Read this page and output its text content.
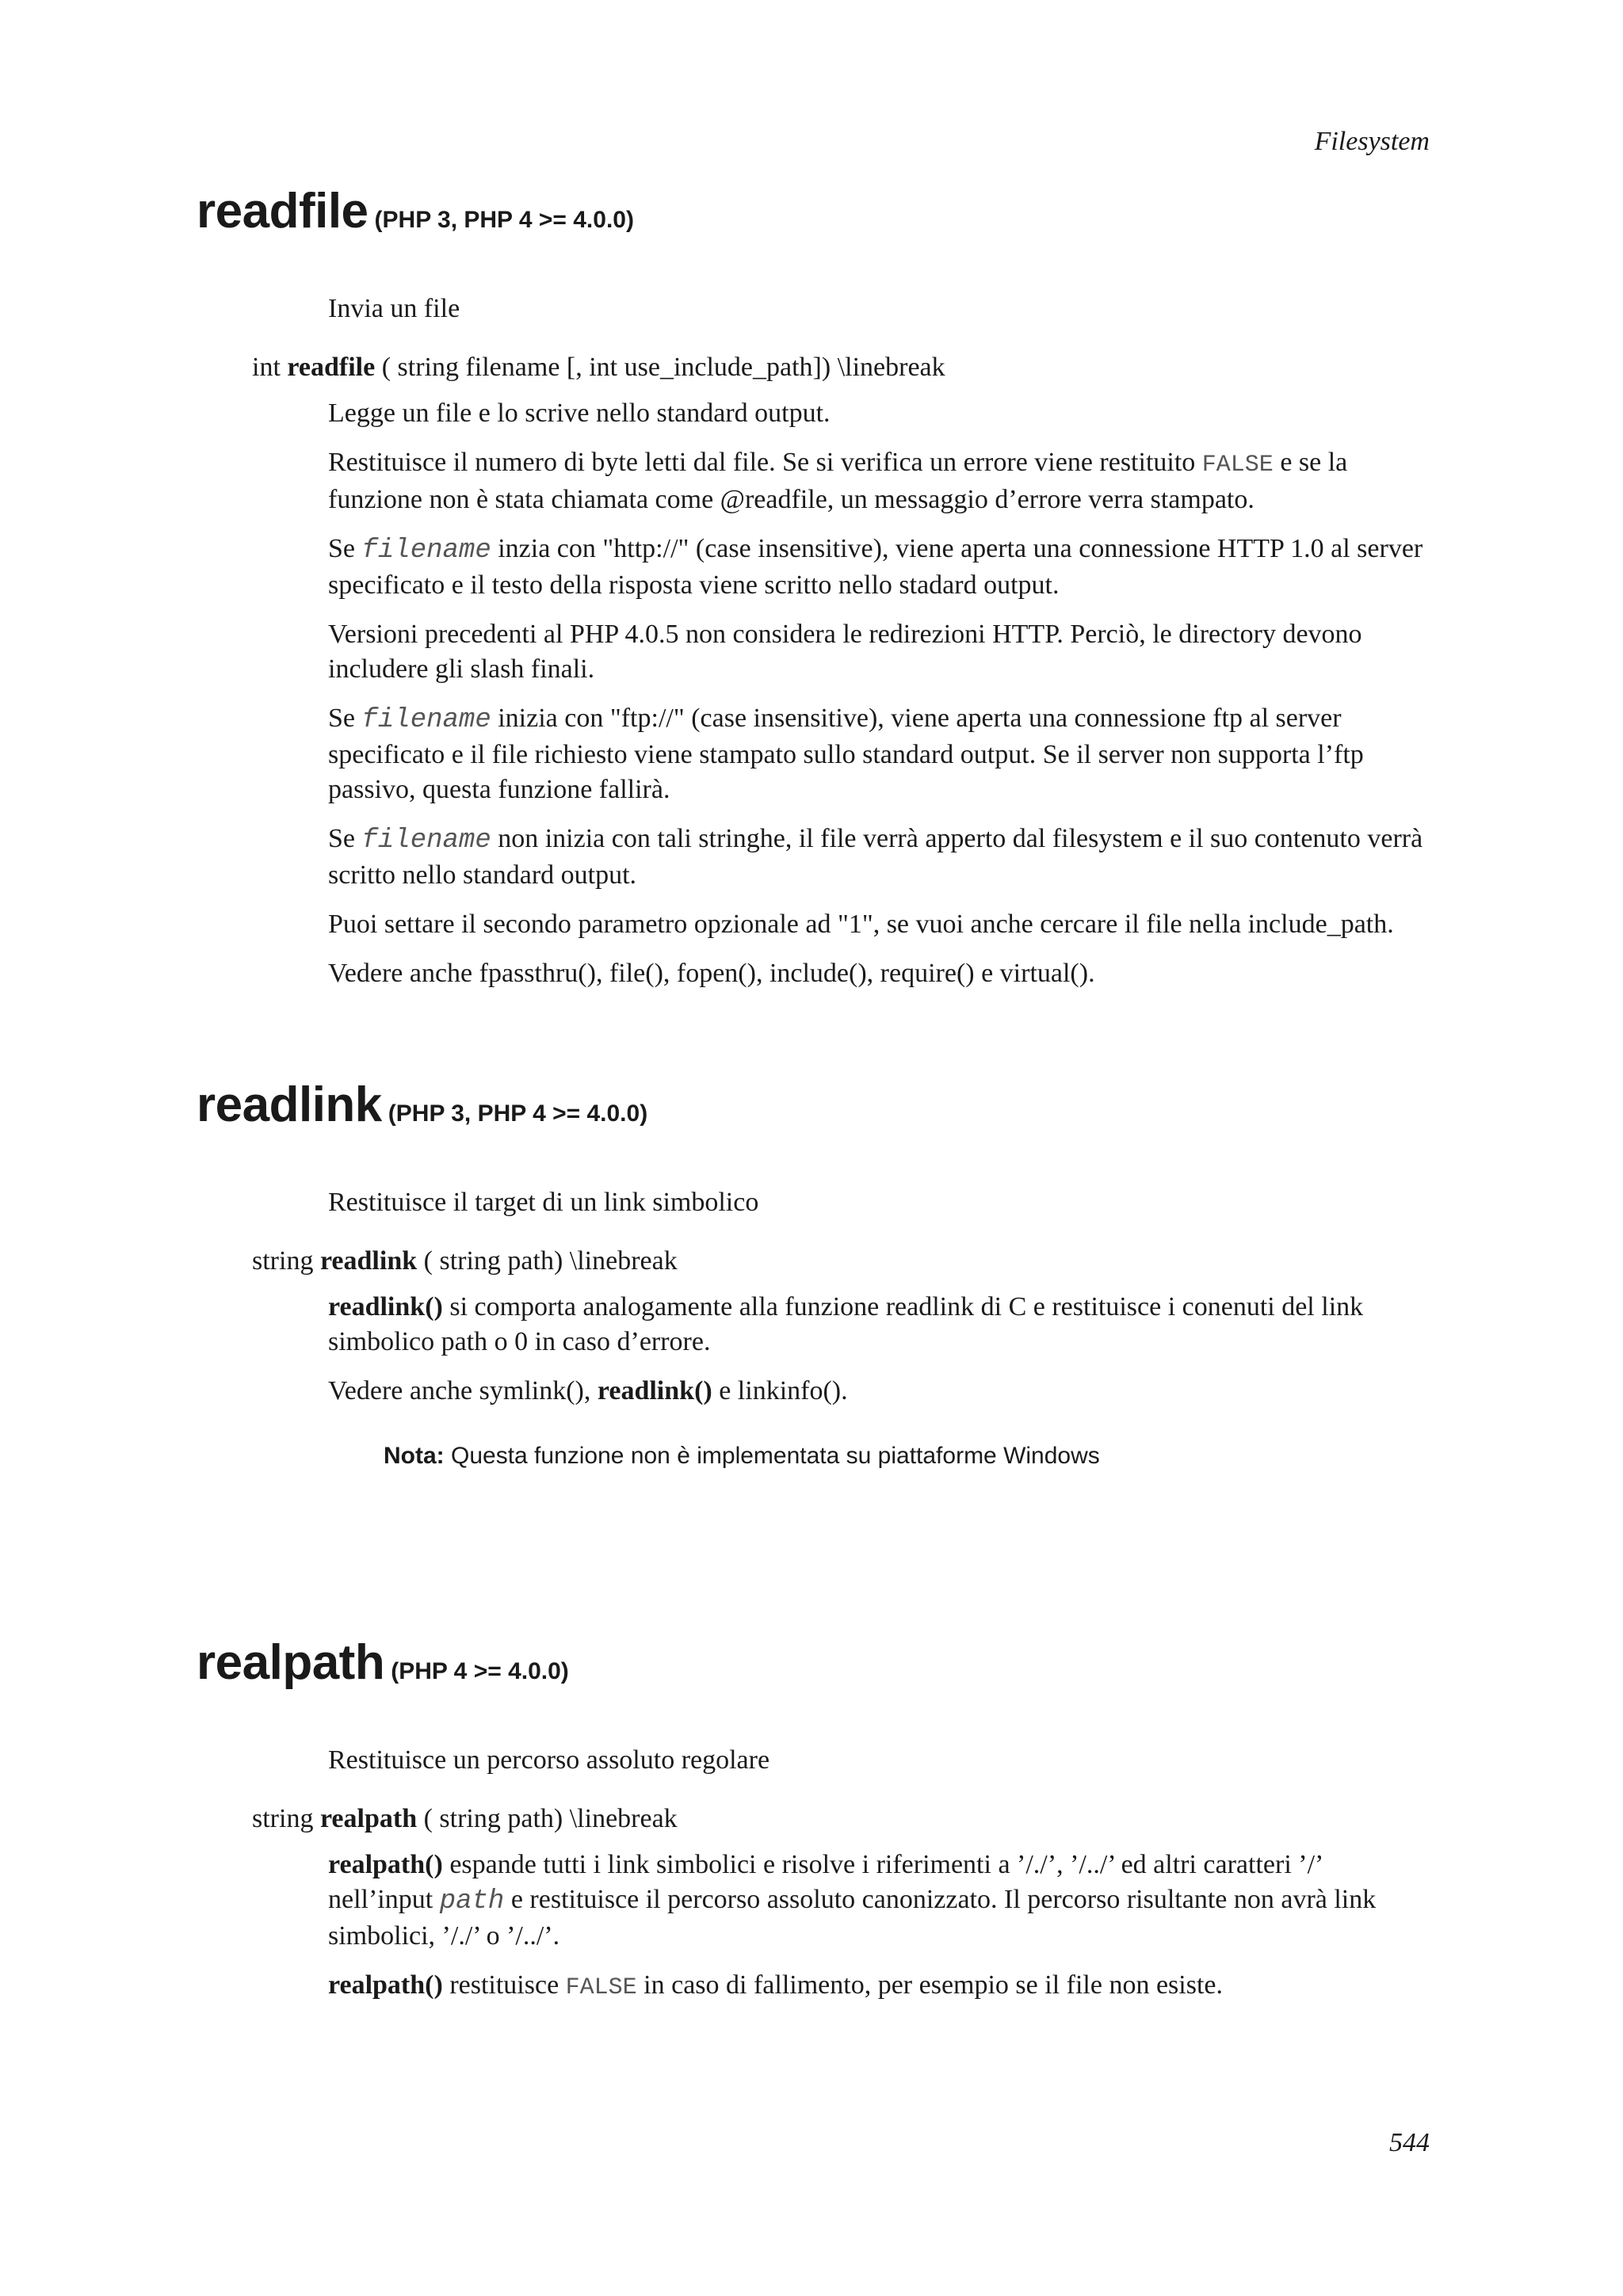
Filesystem
readfile (PHP 3, PHP 4 >= 4.0.0)
Invia un file
int readfile ( string filename [, int use_include_path]) \linebreak

Legge un file e lo scrive nello standard output.

Restituisce il numero di byte letti dal file. Se si verifica un errore viene restituito FALSE e se la funzione non è stata chiamata come @readfile, un messaggio d’errore verra stampato.

Se filename inzia con "http://" (case insensitive), viene aperta una connessione HTTP 1.0 al server specificato e il testo della risposta viene scritto nello stadard output.

Versioni precedenti al PHP 4.0.5 non considera le redirezioni HTTP. Perciò, le directory devono includere gli slash finali.

Se filename inizia con "ftp://" (case insensitive), viene aperta una connessione ftp al server specificato e il file richiesto viene stampato sullo standard output. Se il server non supporta l’ftp passivo, questa funzione fallirà.

Se filename non inizia con tali stringhe, il file verrà apperto dal filesystem e il suo contenuto verrà scritto nello standard output.

Puoi settare il secondo parametro opzionale ad "1", se vuoi anche cercare il file nella include_path.

Vedere anche fpassthru(), file(), fopen(), include(), require() e virtual().

readlink (PHP 3, PHP 4 >= 4.0.0)
Restituisce il target di un link simbolico
string readlink ( string path) \linebreak

readlink() si comporta analogamente alla funzione readlink di C e restituisce i conenuti del link simbolico path o 0 in caso d’errore.

Vedere anche symlink(), readlink() e linkinfo().

Nota: Questa funzione non è implementata su piattaforme Windows
realpath (PHP 4 >= 4.0.0)
Restituisce un percorso assoluto regolare
string realpath ( string path) \linebreak

realpath() espande tutti i link simbolici e risolve i riferimenti a ’/./’, ’/../’ ed altri caratteri ’/’ nell’input path e restituisce il percorso assoluto canonizzato. Il percorso risultante non avrà link simbolici, ’/./’ o ’/../’.

realpath() restituisce FALSE in caso di fallimento, per esempio se il file non esiste.

544
